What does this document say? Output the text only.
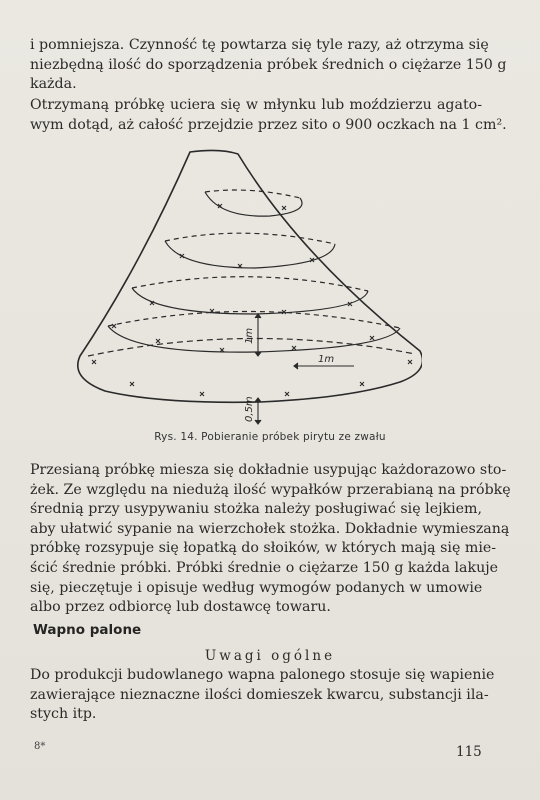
i pomniejsza. Czynność tę powtarza się tyle razy, aż otrzyma się
niezbędną ilość do sporządzenia próbek średnich o ciężarze 150 g
każda.

Otrzymaną próbkę uciera się w młynku lub moździerzu agato-
wym dotąd, aż całość przejdzie przez sito o 900 oczkach na 1 cm².

1m
1m
0,5m
Rys. 14. Pobieranie próbek pirytu ze zwału

Przesianą próbkę miesza się dokładnie usypując każdorazowo sto-
żek. Ze względu na niedużą ilość wypałków przerabianą na próbkę
średnią przy usypywaniu stożka należy posługiwać się lejkiem,
aby ułatwić sypanie na wierzchołek stożka. Dokładnie wymieszaną
próbkę rozsypuje się łopatką do słoików, w których mają się mie-
ścić średnie próbki. Próbki średnie o ciężarze 150 g każda lakuje
się, pieczętuje i opisuje według wymogów podanych w umowie
albo przez odbiorcę lub dostawcę towaru.

Wapno palone
Uwagi ogólne

Do produkcji budowlanego wapna palonego stosuje się wapienie
zawierające nieznaczne ilości domieszek kwarcu, substancji ila-
stych itp.

8*	115
